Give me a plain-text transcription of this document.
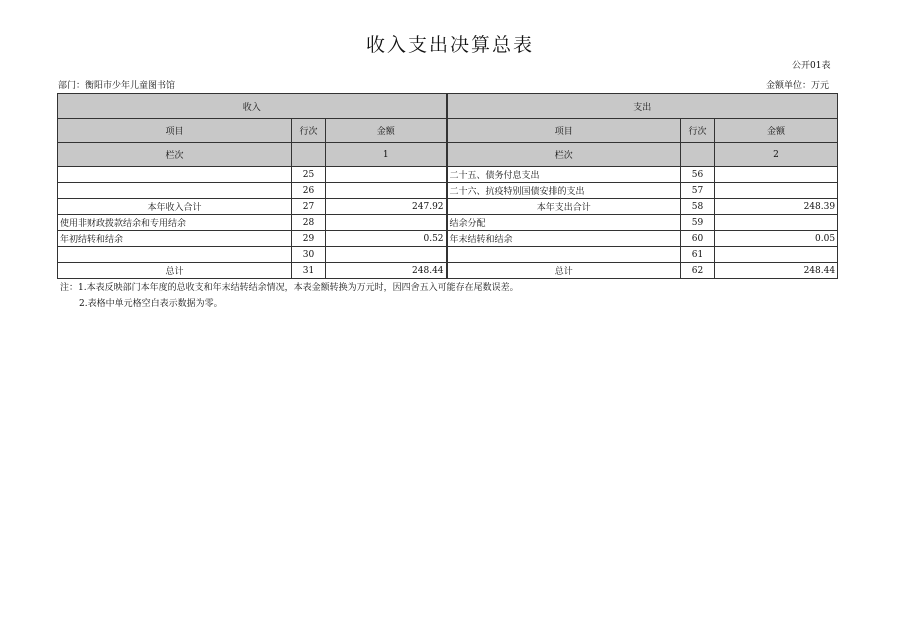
收入支出决算总表
公开01表
部门：衡阳市少年儿童图书馆	金额单位：万元
收入			支出		
项目	行次	金额	项目	行次	金额
栏次		1	栏次		2
	25		二十五、债务付息支出	56	
	26		二十六、抗疫特别国债安排的支出	57	
本年收入合计	27	247.92	本年支出合计	58	248.39
使用非财政拨款结余和专用结余	28		结余分配	59	
年初结转和结余	29	0.52	年末结转和结余	60	0.05
	30			61	
总计	31	248.44	总计	62	248.44
注：1.本表反映部门本年度的总收支和年末结转结余情况，本表金额转换为万元时，因四舍五入可能存在尾数误差。
2.表格中单元格空白表示数据为零。
